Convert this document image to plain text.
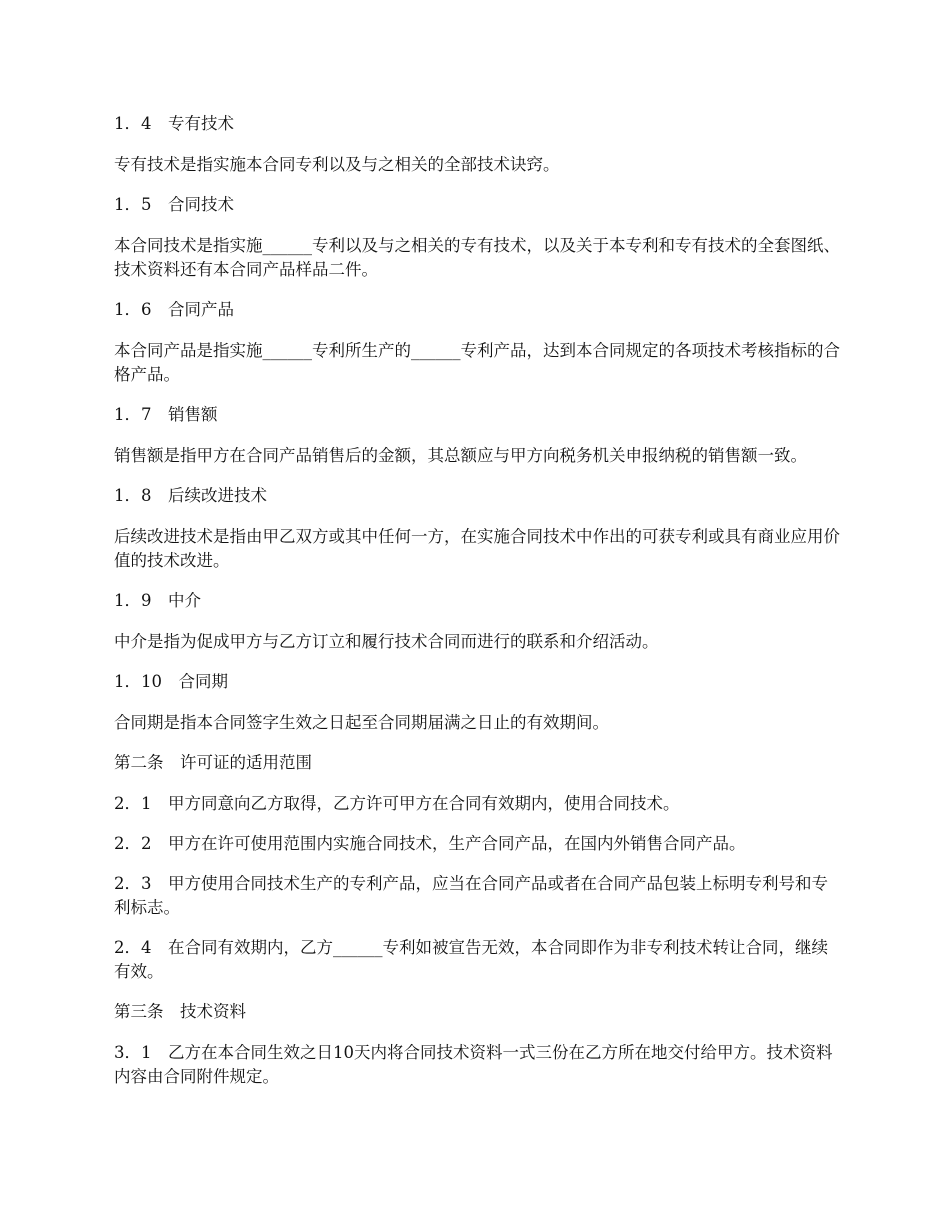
1．4　专有技术

专有技术是指实施本合同专利以及与之相关的全部技术诀窍。

1．5　合同技术

本合同技术是指实施______专利以及与之相关的专有技术，以及关于本专利和专有技术的全套图纸、技术资料还有本合同产品样品二件。

1．6　合同产品

本合同产品是指实施______专利所生产的______专利产品，达到本合同规定的各项技术考核指标的合格产品。

1．7　销售额

销售额是指甲方在合同产品销售后的金额，其总额应与甲方向税务机关申报纳税的销售额一致。

1．8　后续改进技术

后续改进技术是指由甲乙双方或其中任何一方，在实施合同技术中作出的可获专利或具有商业应用价值的技术改进。

1．9　中介

中介是指为促成甲方与乙方订立和履行技术合同而进行的联系和介绍活动。

1．10　合同期

合同期是指本合同签字生效之日起至合同期届满之日止的有效期间。

第二条　许可证的适用范围

2．1　甲方同意向乙方取得，乙方许可甲方在合同有效期内，使用合同技术。

2．2　甲方在许可使用范围内实施合同技术，生产合同产品，在国内外销售合同产品。

2．3　甲方使用合同技术生产的专利产品，应当在合同产品或者在合同产品包装上标明专利号和专利标志。

2．4　在合同有效期内，乙方______专利如被宣告无效，本合同即作为非专利技术转让合同，继续有效。

第三条　技术资料

3．1　乙方在本合同生效之日10天内将合同技术资料一式三份在乙方所在地交付给甲方。技术资料内容由合同附件规定。
